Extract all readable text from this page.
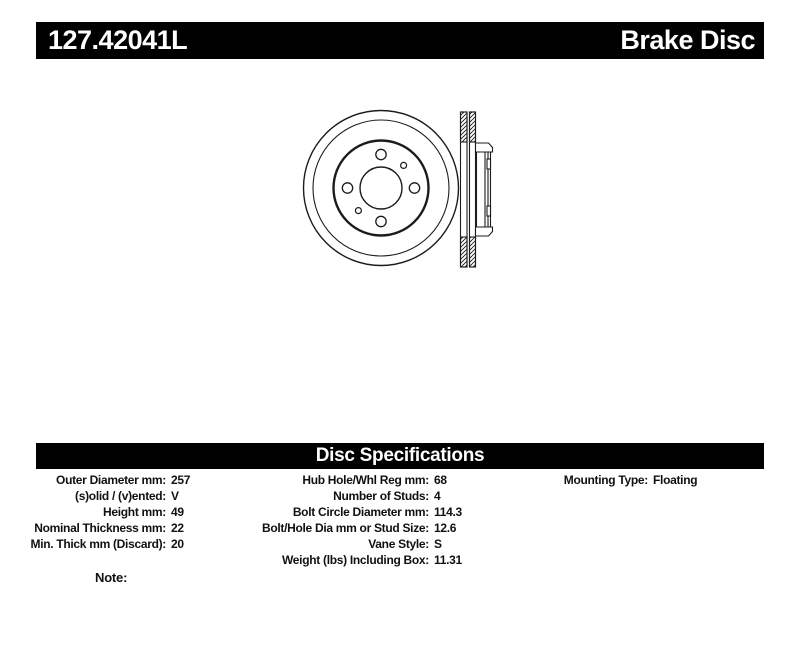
127.42041L	Brake Disc
Disc Specifications
Outer Diameter mm: 257
(s)olid / (v)ented: V
Height mm: 49
Nominal Thickness mm: 22
Min. Thick mm (Discard): 20
Hub Hole/Whl Reg mm: 68
Number of Studs: 4
Bolt Circle Diameter mm: 114.3
Bolt/Hole Dia mm or Stud Size: 12.6
Vane Style: S
Weight (lbs) Including Box: 11.31
Mounting Type: Floating
Note:
